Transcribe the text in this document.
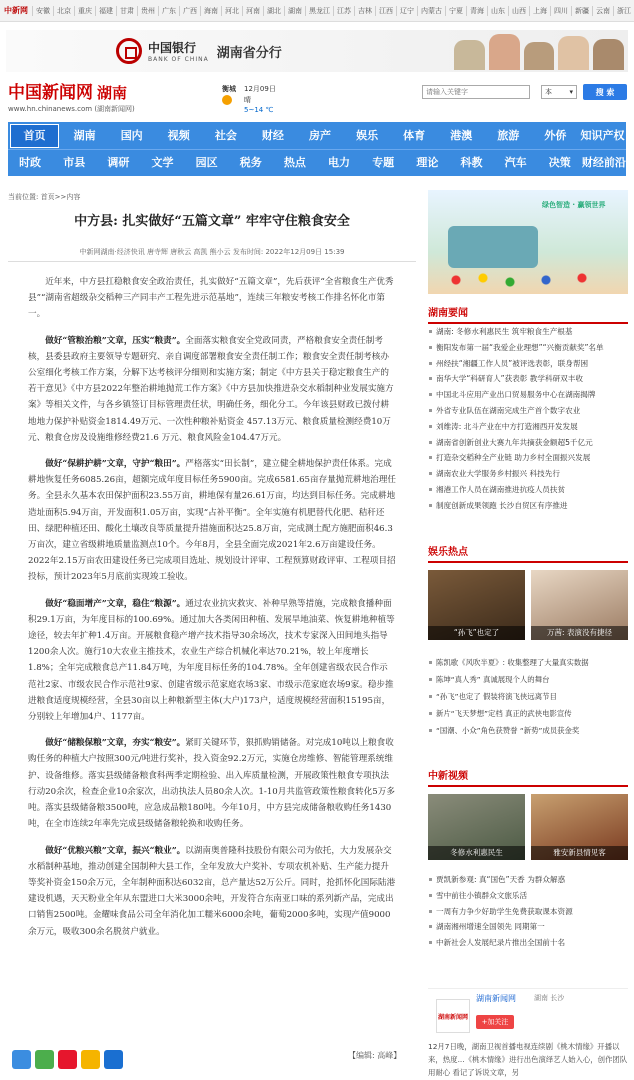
中新网	安徽	北京	重庆	福建	甘肃	贵州	广东	广西	海南	河北	河南	湖北	湖南	黑龙江	江苏	吉林	江西	辽宁	内蒙古	宁夏	青海	山东	山西	上海	四川	新疆	云南	浙江
中国银行
BANK OF CHINA 湖南省分行
中国新闻网 湖南
www.hn.chinanews.com (湖南新闻网)
衡城	12月09日
晴
5~14 ℃
请输入关键字
本 ▾	搜 索
首页	湖南	国内	视频	社会	财经	房产	娱乐	体育	港澳	旅游	外侨	知识产权
时政	市县	调研	文学	园区	税务	热点	电力	专题	理论	科教	汽车	决策	财经前沿
当前位置: 首页>>内容
中方县: 扎实做好“五篇文章” 牢牢守住粮食安全
中新网湖南·经济快讯 唐寺辉 唐秋云 高凯 熊小云 发布时间: 2022年12月09日 15:39

近年来，中方县扛稳粮食安全政治责任，扎实做好“五篇文章”，先后获评“全省粮食生产优秀县”“湖南省超级杂交稻种三产同丰产工程先进示范基地”，连续三年粮安考核工作排名怀化市第一。

做好“管粮治粮”文章，压实“粮责”。全面落实粮食安全党政同责，严格粮食安全责任制考核，县委县政府主要领导专题研究、亲自调度部署粮食安全责任制工作；粮食安全责任制考核办公室细化考核工作方案，分解下达考核评分细则和实施方案；制定《中方县关于稳定粮食生产的若干意见》《中方县2022年整治耕地抛荒工作方案》《中方县加快推进杂交水稻制种业发展实施方案》等相关文件，与各乡镇签订目标管理责任状，明确任务，细化分工。今年该县财政已拨付耕地地力保护补贴资金1814.49万元、一次性种粮补贴资金 457.13万元、粮食质量检测经费10万元、粮食仓房及设施维修经费21.6 万元、粮食风险金104.47万元。

做好“保耕护耕”文章，守护“粮田”。严格落实“田长制”，建立健全耕地保护责任体系。完成耕地恢复任务6085.26亩，超额完成年度目标任务5900亩。完成6581.65亩存量抛荒耕地治理任务。全县永久基本农田保护面积23.55万亩，耕地保有量26.61万亩，均达到目标任务。完成耕地造址面积5.94万亩，开发面积1.05万亩，实现“占补平衡”。全年实施有机肥替代化肥、秸秆还田、绿肥种植还田、酸化土壤改良等质量提升措施面积达25.8万亩，完成测土配方施肥面积46.3万亩次，建立省级耕地质量监测点10个。今年8月，全县全面完成2021年2.6万亩建设任务。2022年2.15万亩农田建设任务已完成项目选址、规划设计评审、工程预算财政评审、工程项目招投标，预计2023年5月底前实现竣工验收。

做好“稳面增产”文章，稳住“粮源”。通过农业抗灾救灾、补种早熟等措施，完成粮食播种面积29.1万亩，为年度目标的100.69%。通过加大各类闲田种植、发展旱地油菜、恢复耕地种植等途径，较去年扩种1.4万亩。开展粮食稳产增产技术指导30余场次，技术专家深入田间地头指导1200余人次。施行10大农业主推技术，农业生产综合机械化率达70.21%，较上年度增长1.8%；全年完成粮食总产11.84万吨，为年度目标任务的104.78%。全年创建省级农民合作示范社2家、市级农民合作示范社9家、创建省级示范家庭农场3家、市级示范家庭农场9家。稳步推进粮食适度规模经营，全县30亩以上种粮新型主体(大户)173户，适度规模经营面积15195亩，分别较上年增加4户、1177亩。

做好“储粮保粮”文章，夯实“粮安”。紧盯关键环节，狠抓购销储备。对完成10吨以上粮食收购任务的种植大户按照300元/吨进行奖补，投入资金92.2万元，实施仓房维修、智能管理系统维护、设备维修。落实县级储备粮食科两季定期检验、出入库质量检测，开展政策性粮食专项执法行动20余次，检查企业10余家次，出动执法人员80余人次。1-10月共监管政策性粮食转化5万多吨。落实县级储备粮3500吨，应急成品粮180吨。今年10月，中方县完成储备粮收购任务1430吨，在全市连续2年率先完成县级储备粮轮换和收购任务。

做好“优粮兴粮”文章，振兴“粮业”。以湖南奥普隆科技股份有限公司为依托，大力发展杂交水稻制种基地，推动创建全国制种大县工作，全年发放大户奖补、专项农机补贴、生产能力提升等奖补资金150余万元，全年制种面积达6032亩，总产量达52万公斤。同时，抢抓怀化国际陆港建设机遇，天天粉业全年从东盟进口大米3000余吨，开发符合东南亚口味的系列新产品，完成出口销售2500吨。金耀味食品公司全年消化加工糯米6000余吨，葡萄2000多吨，实现产值9000余万元，吸收300余名脱贫户就业。

【编辑: 高峰】
绿色智造 · 赢领世界
湖南要闻
湖南: 冬修水利惠民生 筑牢粮食生产根基
衡阳发布第一届“我爱企业理想”“兴衡贡献奖”名单
州经扶“湘疆工作人员”被评选表彰，联身帮困
南华大学“科研育人”获表彰 教学科研双丰收
中国北斗应用产业出口贸易服务中心在湖南揭牌
外省专业队伍在湖南完成生产首个数字农业
刘维涛: 北斗产业在中方打造湘西开发发展
湖南省创新创业大赛九年共摘获金额超5千亿元
打造杂交稻种全产业链 助力乡村全面振兴发展
湖南农业大学服务乡村振兴 科技先行
湘港工作人员在湖南推进抗疫人员扶贫
制度创新成果领跑 长沙自贸区有序推进
娱乐热点
“孙飞”也定了	万茜: 表演没有捷径
陈凯歌《风吹半夏》: 收集整理了大量真实数据
陈坤“真人秀” 真诚展现个人的舞台
“孙飞”也定了 假装将演飞侠远离节目
新片“飞天梦想”定档 真正的武侠电影宣传
“国潮、小众”角色获赞誉 “新势”成员获金奖
中新视频
冬修水利惠民生	雅安新县情见客
贾凯新参观: 真“国色”天香 为群众解惑
雪中前往小镇群众文旅乐活
一周有力争少好助学生免费获取课本资源
湖南湘州增速全国领先 同期第一
中新社会人发展纪录片推出全国前十名
湖南新闻网
湖南新闻网	湖南 长沙
+加关注
12月7日晚，湖南卫视首播电视连续剧《桃木情缘》开播以来，热度...《桃木情缘》进行出色演绎艺人始入心，创作团队用耐心 看记了诉说文章，另
